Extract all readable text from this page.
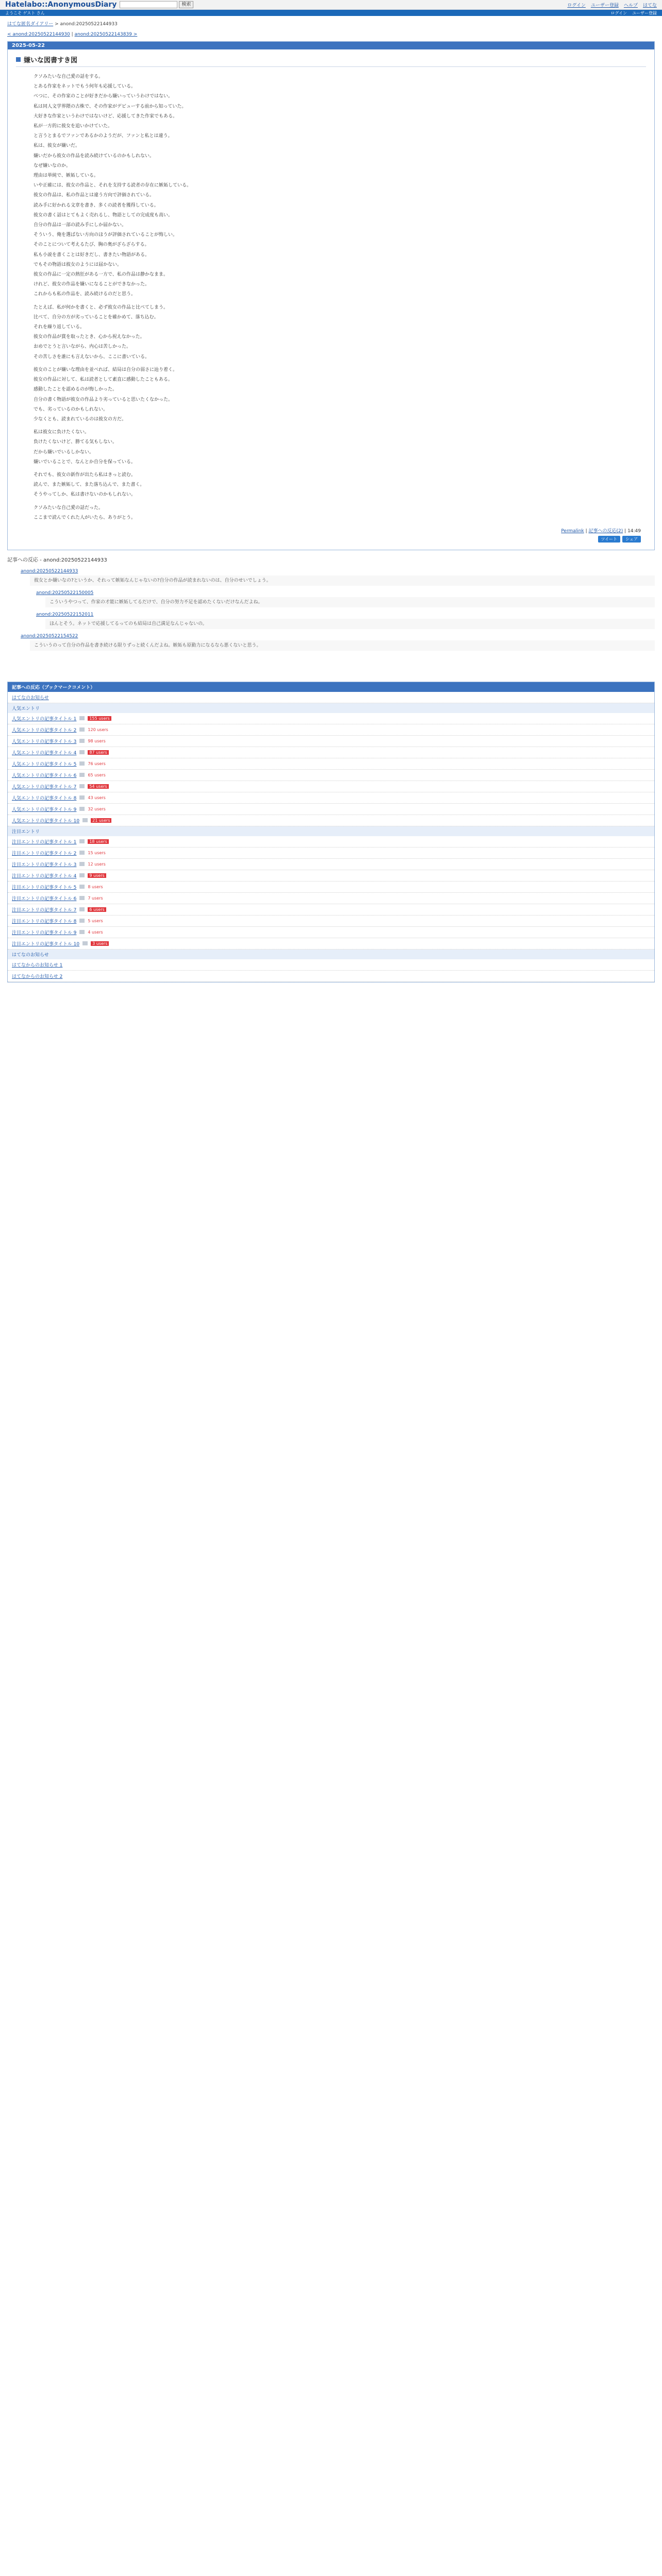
Hatelabo::AnonymousDiary	検索	ログイン ユーザー登録 ヘルプ はてな
ようこそ ゲスト さん	ログイン ユーザー登録
はてな匿名ダイアリー > anond:20250522144933
< anond:20250522144930 | anond:20250522143839 >
2025-05-22
嫌いな図書すき図

クソみたいな自己愛の話をする。

とある作家をネットでもう何年も応援している。

べつに、その作家のことが好きだから嫌いっていうわけではない。

私は同人文学界隈の古株で、その作家がデビューする前から知っていた。

大好きな作家というわけではないけど、応援してきた作家でもある。

私が一方的に彼女を追いかけていた。

と言うとまるでファンであるかのようだが、ファンと私とは違う。

私は、彼女が嫌いだ。

嫌いだから彼女の作品を読み続けているのかもしれない。

なぜ嫌いなのか。

理由は単純で、嫉妬している。

いや正確には、彼女の作品と、それを支持する読者の存在に嫉妬している。

彼女の作品は、私の作品とは違う方向で評価されている。

読み手に好かれる文章を書き、多くの読者を獲得している。

彼女の書く話はとてもよく売れるし、物語としての完成度も高い。

自分の作品は一部の読み手にしか届かない。

そういう、俺を選ばない方向のほうが評価されていることが悔しい。

そのことについて考えるたび、胸の奥がざらざらする。

私も小説を書くことは好きだし、書きたい物語がある。

でもその物語は彼女のようには届かない。

彼女の作品に一定の熱狂がある一方で、私の作品は静かなまま。

けれど、彼女の作品を嫌いになることができなかった。

これからも私の作品を、読み続けるのだと思う。

たとえば、私が何かを書くと、必ず彼女の作品と比べてしまう。

比べて、自分の方が劣っていることを確かめて、落ち込む。

それを繰り返している。

彼女の作品が賞を取ったとき、心から祝えなかった。

おめでとうと言いながら、内心は苦しかった。

その苦しさを誰にも言えないから、ここに書いている。

彼女のことが嫌いな理由を並べれば、結局は自分の弱さに辿り着く。

彼女の作品に対して、私は読者として素直に感動したこともある。

感動したことを認めるのが悔しかった。

自分の書く物語が彼女の作品より劣っていると思いたくなかった。

でも、劣っているのかもしれない。

少なくとも、読まれているのは彼女の方だ。

私は彼女に負けたくない。

負けたくないけど、勝てる気もしない。

だから嫌いでいるしかない。

嫌いでいることで、なんとか自分を保っている。

それでも、彼女の新作が出たら私はきっと読む。

読んで、また嫉妬して、また落ち込んで、また書く。

そうやってしか、私は書けないのかもしれない。

クソみたいな自己愛の話だった。

ここまで読んでくれた人がいたら、ありがとう。

Permalink | 記事への反応(2) | 14:49
ツイート	シェア
記事への反応 - anond:20250522144933
anond:20250522144933
彼女とか嫌いなの?というか、それって嫉妬なんじゃないの?自分の作品が読まれないのは、自分のせいでしょう。
anond:20250522150005
こういうやつって、作家の才能に嫉妬してるだけで、自分の努力不足を認めたくないだけなんだよね。
anond:20250522152011
ほんとそう。ネットで応援してるってのも結局は自己満足なんじゃないの。
anond:20250522154522
こういうのって自分の作品を書き続ける限りずっと続くんだよね。嫉妬も原動力になるなら悪くないと思う。
記事への反応（ブックマークコメント）
はてなのお知らせ
人気エントリ
人気エントリの記事タイトル 1	155 users
人気エントリの記事タイトル 2	120 users
人気エントリの記事タイトル 3	98 users
人気エントリの記事タイトル 4	87 users
人気エントリの記事タイトル 5	76 users
人気エントリの記事タイトル 6	65 users
人気エントリの記事タイトル 7	54 users
人気エントリの記事タイトル 8	43 users
人気エントリの記事タイトル 9	32 users
人気エントリの記事タイトル 10	21 users
注目エントリ
注目エントリの記事タイトル 1	18 users
注目エントリの記事タイトル 2	15 users
注目エントリの記事タイトル 3	12 users
注目エントリの記事タイトル 4	9 users
注目エントリの記事タイトル 5	8 users
注目エントリの記事タイトル 6	7 users
注目エントリの記事タイトル 7	6 users
注目エントリの記事タイトル 8	5 users
注目エントリの記事タイトル 9	4 users
注目エントリの記事タイトル 10	3 users
はてなのお知らせ
はてなからのお知らせ 1
はてなからのお知らせ 2
